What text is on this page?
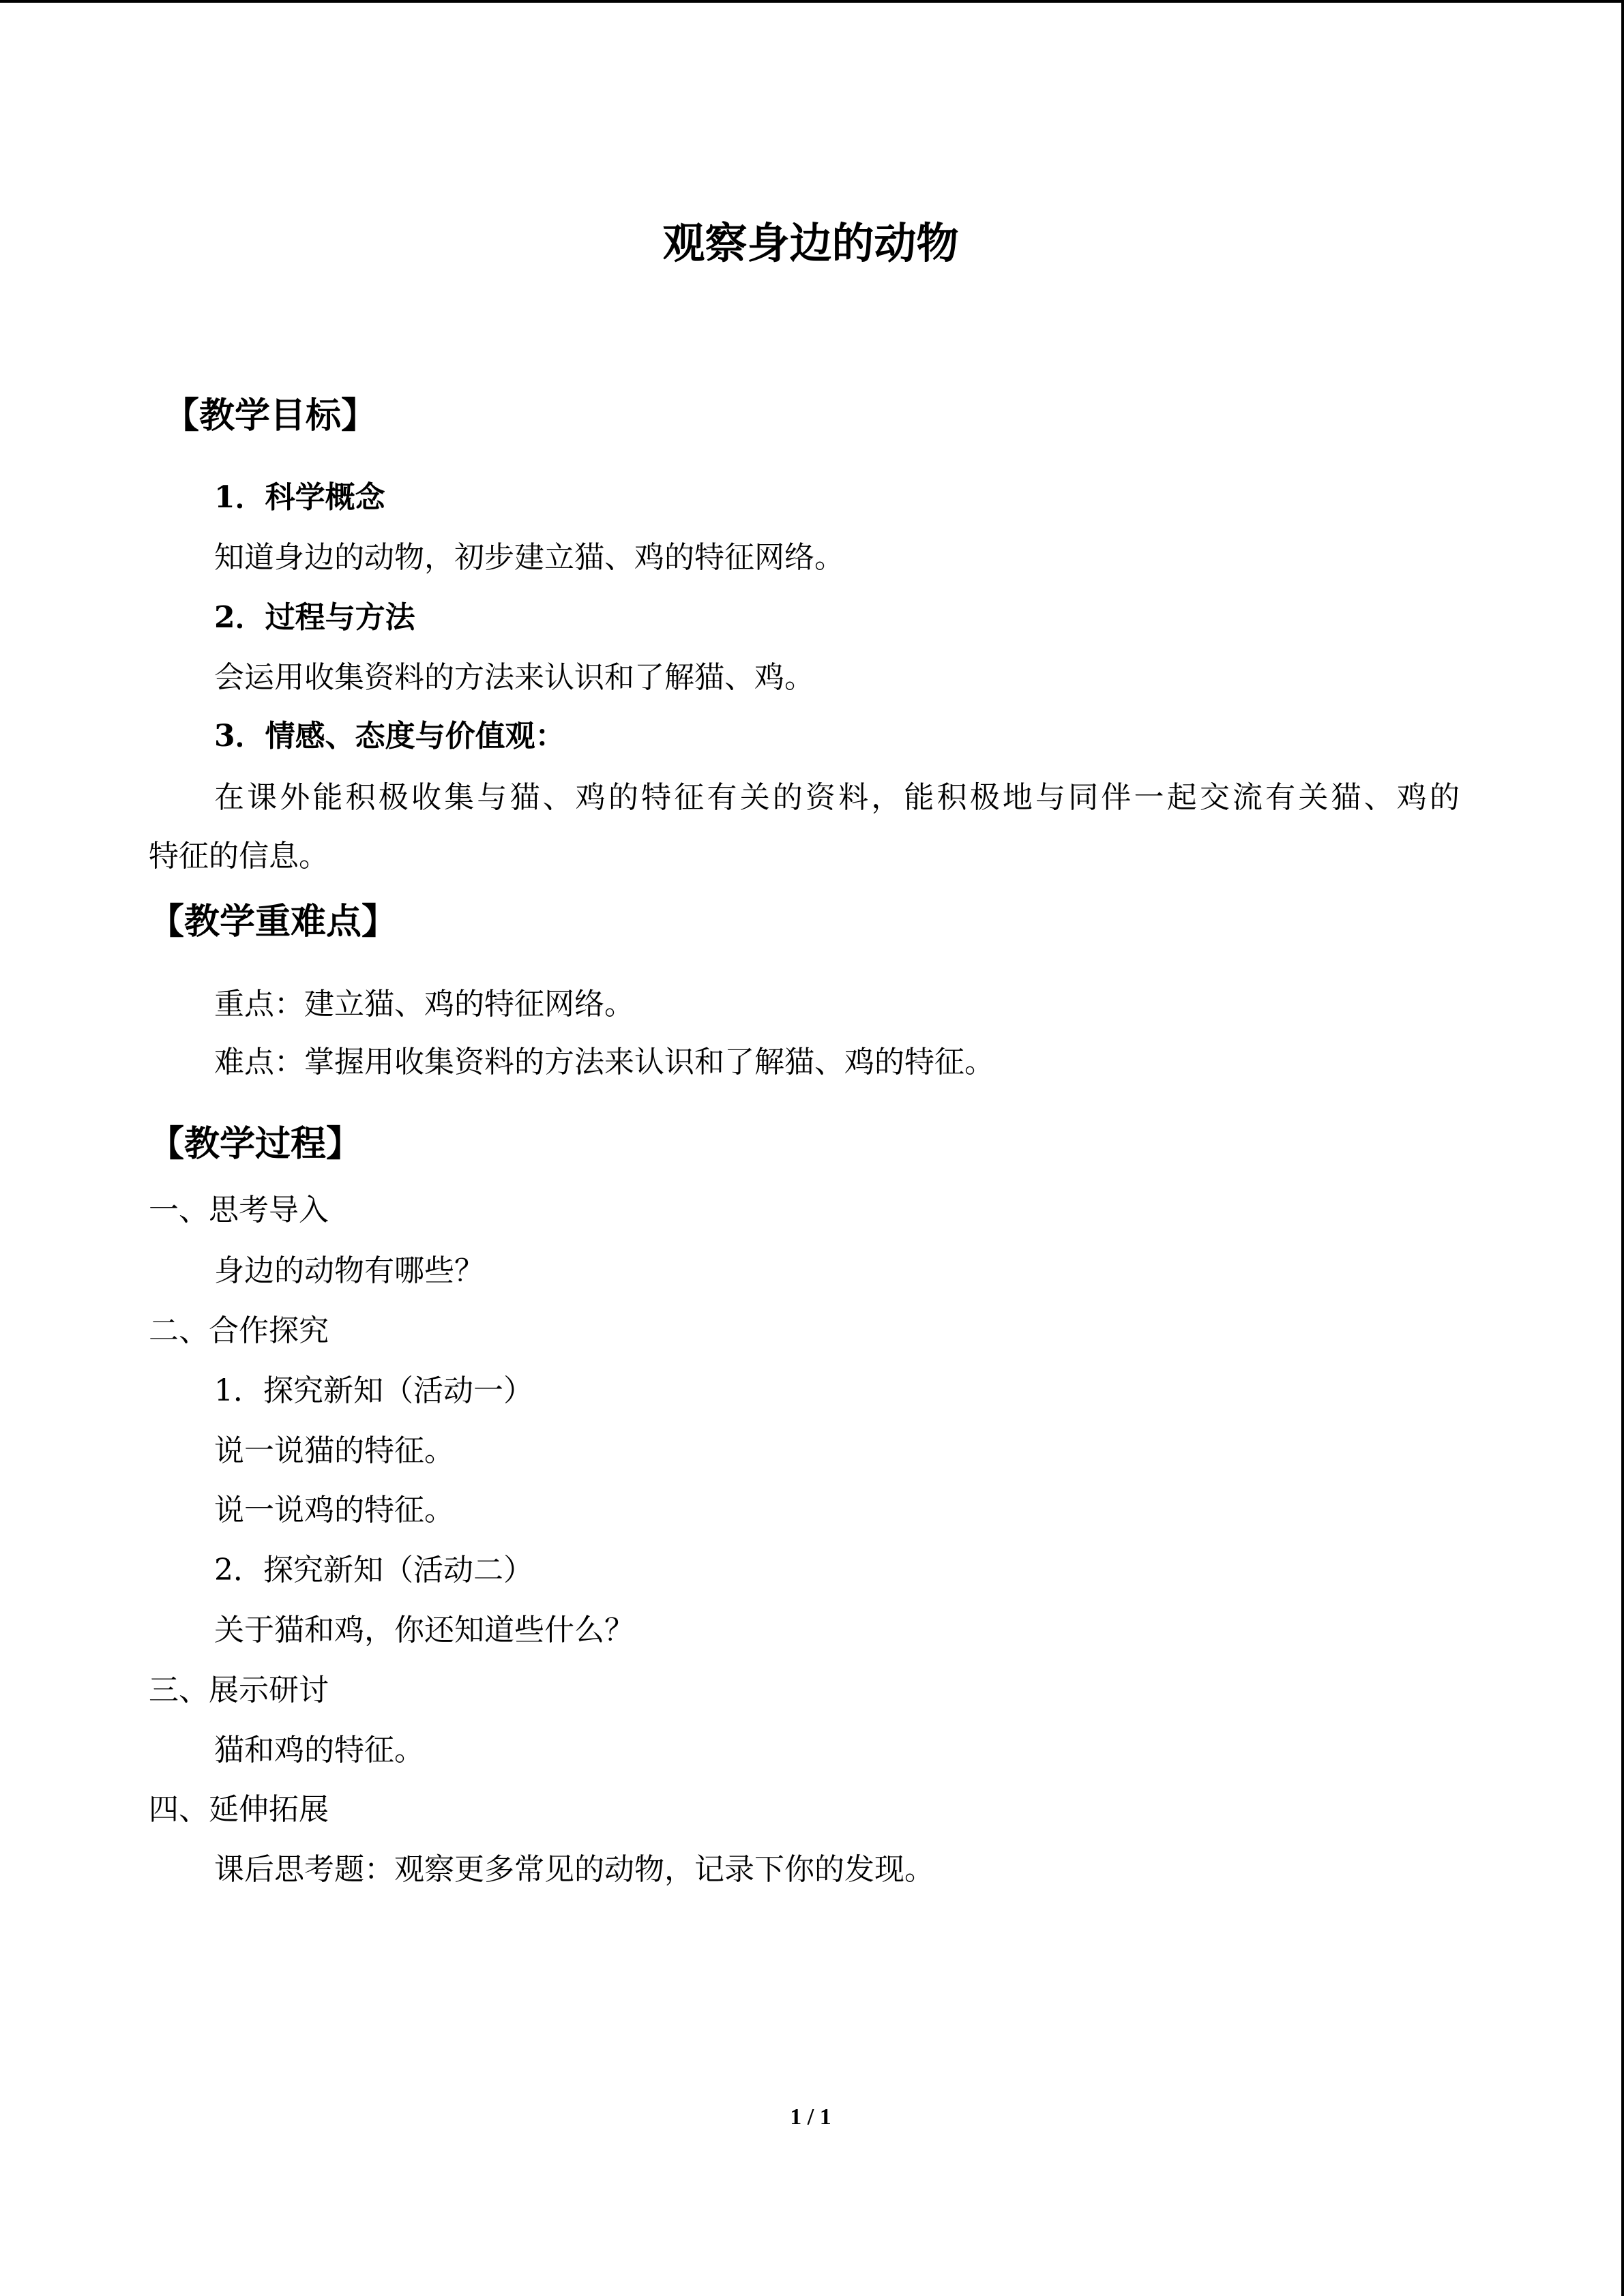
观察身边的动物
【教学目标】
1．科学概念
知道身边的动物，初步建立猫、鸡的特征网络。
2．过程与方法
会运用收集资料的方法来认识和了解猫、鸡。
3．情感、态度与价值观：
在课外能积极收集与猫、鸡的特征有关的资料，能积极地与同伴一起交流有关猫、鸡的
特征的信息。
【教学重难点】
重点：建立猫、鸡的特征网络。
难点：掌握用收集资料的方法来认识和了解猫、鸡的特征。
【教学过程】
一、思考导入
身边的动物有哪些？
二、合作探究
1．探究新知（活动一）
说一说猫的特征。
说一说鸡的特征。
2．探究新知（活动二）
关于猫和鸡，你还知道些什么？
三、展示研讨
猫和鸡的特征。
四、延伸拓展
课后思考题：观察更多常见的动物，记录下你的发现。
1 / 1
